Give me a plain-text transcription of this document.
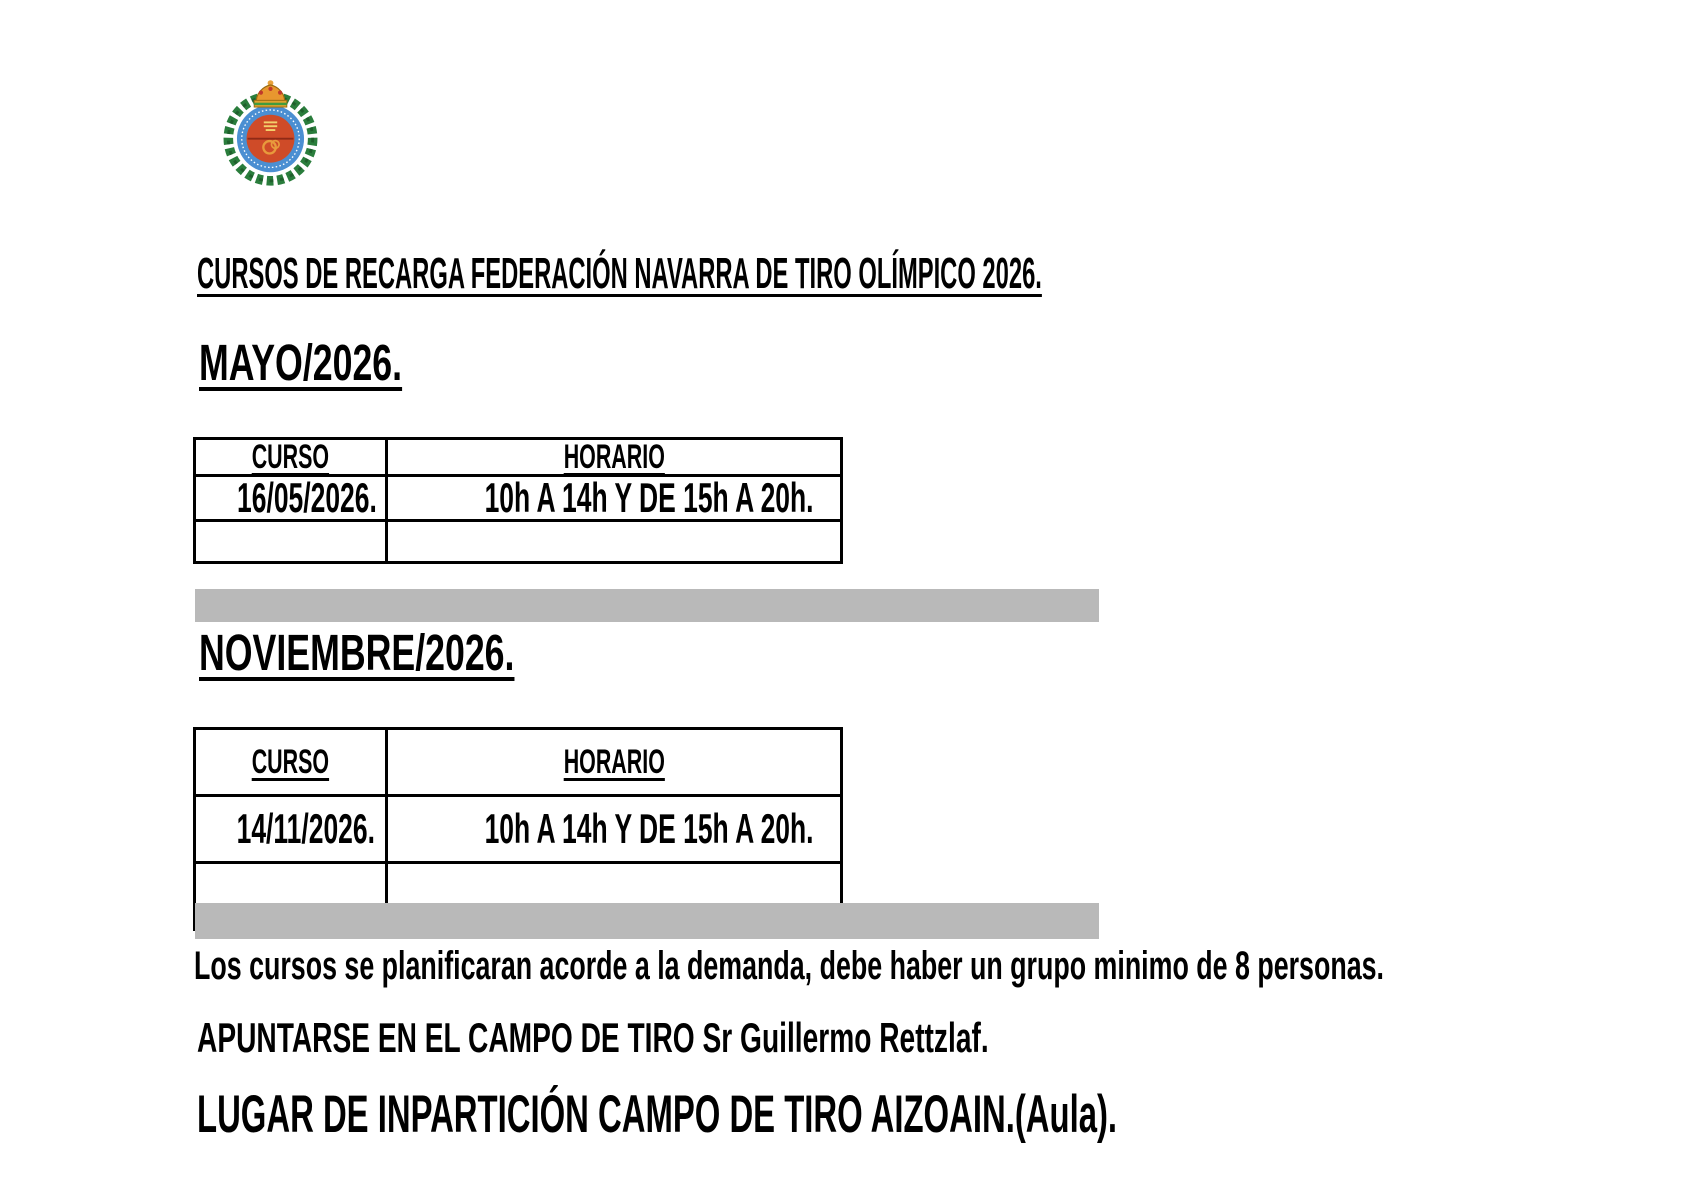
CURSOS DE RECARGA FEDERACIÓN NAVARRA DE TIRO OLÍMPICO 2026.
MAYO/2026.
CURSO	HORARIO
16/05/2026.	10h A 14h Y DE 15h A 20h.

NOVIEMBRE/2026.
CURSO	HORARIO
14/11/2026.	10h A 14h Y DE 15h A 20h.

Los cursos se planificaran acorde a la demanda, debe haber un grupo minimo de 8 personas.
APUNTARSE EN EL CAMPO DE TIRO Sr Guillermo Rettzlaf.
LUGAR DE INPARTICIÓN CAMPO DE TIRO AIZOAIN.(Aula).
